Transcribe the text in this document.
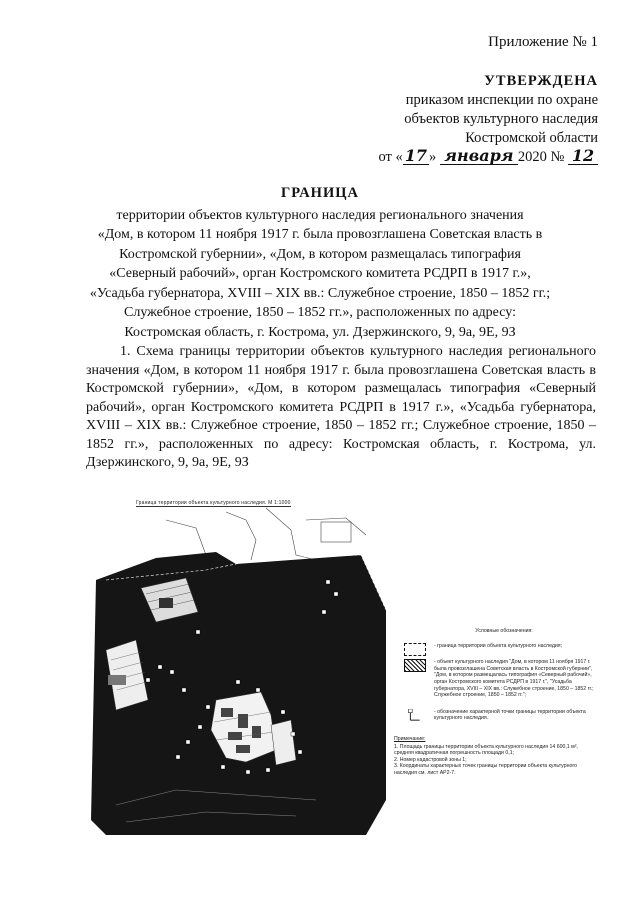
Приложение № 1
УТВЕРЖДЕНА
приказом инспекции по охране
объектов культурного наследия
Костромской области
от « 17 » января 2020 № 12
ГРАНИЦА
территории объектов культурного наследия регионального значения
«Дом, в котором 11 ноября 1917 г. была провозглашена Советская власть в
Костромской губернии», «Дом, в котором размещалась типография
«Северный рабочий», орган Костромского комитета РСДРП в 1917 г.»,
«Усадьба губернатора, XVIII – XIX вв.: Служебное строение, 1850 – 1852 гг.;
Служебное строение, 1850 – 1852 гг.», расположенных по адресу:
Костромская область, г. Кострома, ул. Дзержинского, 9, 9а, 9Е, 9З
1. Схема границы территории объектов культурного наследия регионального значения «Дом, в котором 11 ноября 1917 г. была провозглашена Советская власть в Костромской губернии», «Дом, в котором размещалась типография «Северный рабочий», орган Костромского комитета РСДРП в 1917 г.», «Усадьба губернатора, XVIII – XIX вв.: Служебное строение, 1850 – 1852 гг.; Служебное строение, 1850 – 1852 гг.», расположенных по адресу: Костромская область, г. Кострома, ул. Дзержинского, 9, 9а, 9Е, 9З
Граница территории объекта культурного наследия. М 1:1000
Условные обозначения:
- граница территории объекта культурного наследия;
- объект культурного наследия "Дом, в котором 11 ноября 1917 г. была провозглашена Советская власть в Костромской губернии", "Дом, в котором размещалась типография «Северный рабочий», орган Костромского комитета РСДРП в 1917 г.", "Усадьба губернатора, XVIII – XIX вв.: Служебное строение, 1850 – 1852 гг.; Служебное строение, 1850 – 1852 гг.";
- обозначение характерной точки границы территории объекта культурного наследия.
Примечание:
1. Площадь границы территории объекта культурного наследия 14 600,1 м², средняя квадратичная погрешность площади 0,1;
2. Номер кадастровой зоны 1;
3. Координаты характерных точек границы территории объекта культурного наследия см. лист АР2-7.
